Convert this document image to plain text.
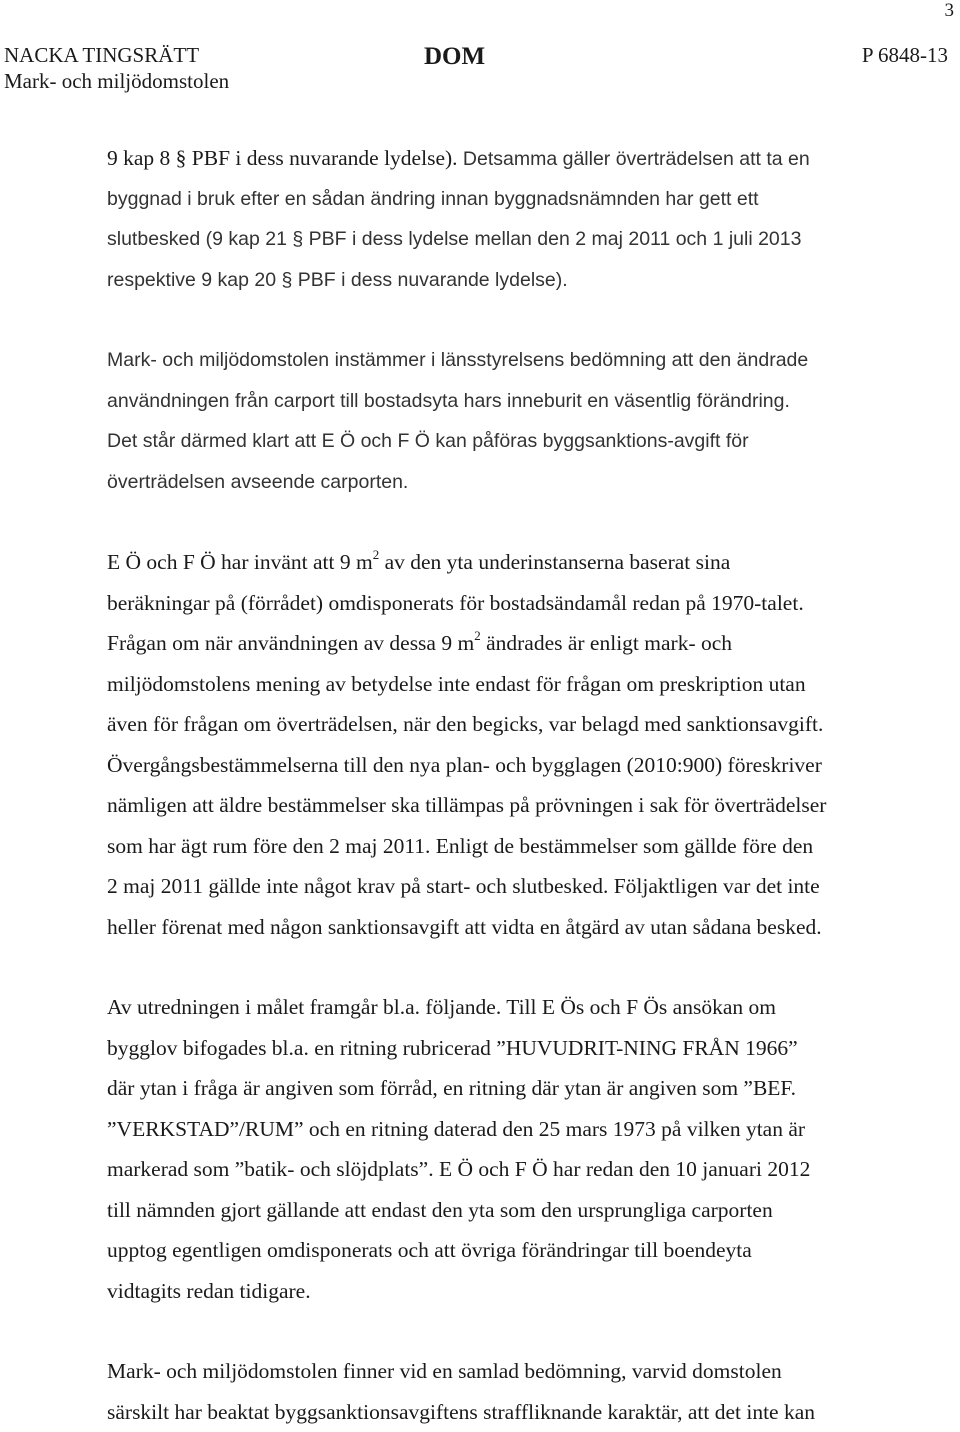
3
NACKA TINGSRÄTT
Mark- och miljödomstolen
DOM	P 6848-13
9 kap 8 § PBF i dess nuvarande lydelse). Detsamma gäller överträdelsen att ta en
byggnad i bruk efter en sådan ändring innan byggnadsnämnden har gett ett
slutbesked (9 kap 21 § PBF i dess lydelse mellan den 2 maj 2011 och 1 juli 2013
respektive 9 kap 20 § PBF i dess nuvarande lydelse).
Mark- och miljödomstolen instämmer i länsstyrelsens bedömning att den ändrade
användningen från carport till bostadsyta hars inneburit en väsentlig förändring.
Det står därmed klart att E Ö och F Ö kan påföras byggsanktions-avgift för
överträdelsen avseende carporten.
E Ö och F Ö har invänt att 9 $m^2$ av den yta underinstanserna baserat sina
beräkningar på (förrådet) omdisponerats för bostadsändamål redan på 1970-talet.
Frågan om när användningen av dessa 9 $m^2$ ändrades är enligt mark- och
miljödomstolens mening av betydelse inte endast för frågan om preskription utan
även för frågan om överträdelsen, när den begicks, var belagd med sanktionsavgift.
Övergångsbestämmelserna till den nya plan- och bygglagen (2010:900) föreskriver
nämligen att äldre bestämmelser ska tillämpas på prövningen i sak för överträdelser
som har ägt rum före den 2 maj 2011. Enligt de bestämmelser som gällde före den
2 maj 2011 gällde inte något krav på start- och slutbesked. Följaktligen var det inte
heller förenat med någon sanktionsavgift att vidta en åtgärd av utan sådana besked.
Av utredningen i målet framgår bl.a. följande. Till E Ös och F Ös ansökan om
bygglov bifogades bl.a. en ritning rubricerad ”HUVUDRIT-NING FRÅN 1966”
där ytan i fråga är angiven som förråd, en ritning där ytan är angiven som ”BEF.
”VERKSTAD”/RUM” och en ritning daterad den 25 mars 1973 på vilken ytan är
markerad som ”batik- och slöjdplats”. E Ö och F Ö har redan den 10 januari 2012
till nämnden gjort gällande att endast den yta som den ursprungliga carporten
upptog egentligen omdisponerats och att övriga förändringar till boendeyta
vidtagits redan tidigare.
Mark- och miljödomstolen finner vid en samlad bedömning, varvid domstolen
särskilt har beaktat byggsanktionsavgiftens straffliknande karaktär, att det inte kan
